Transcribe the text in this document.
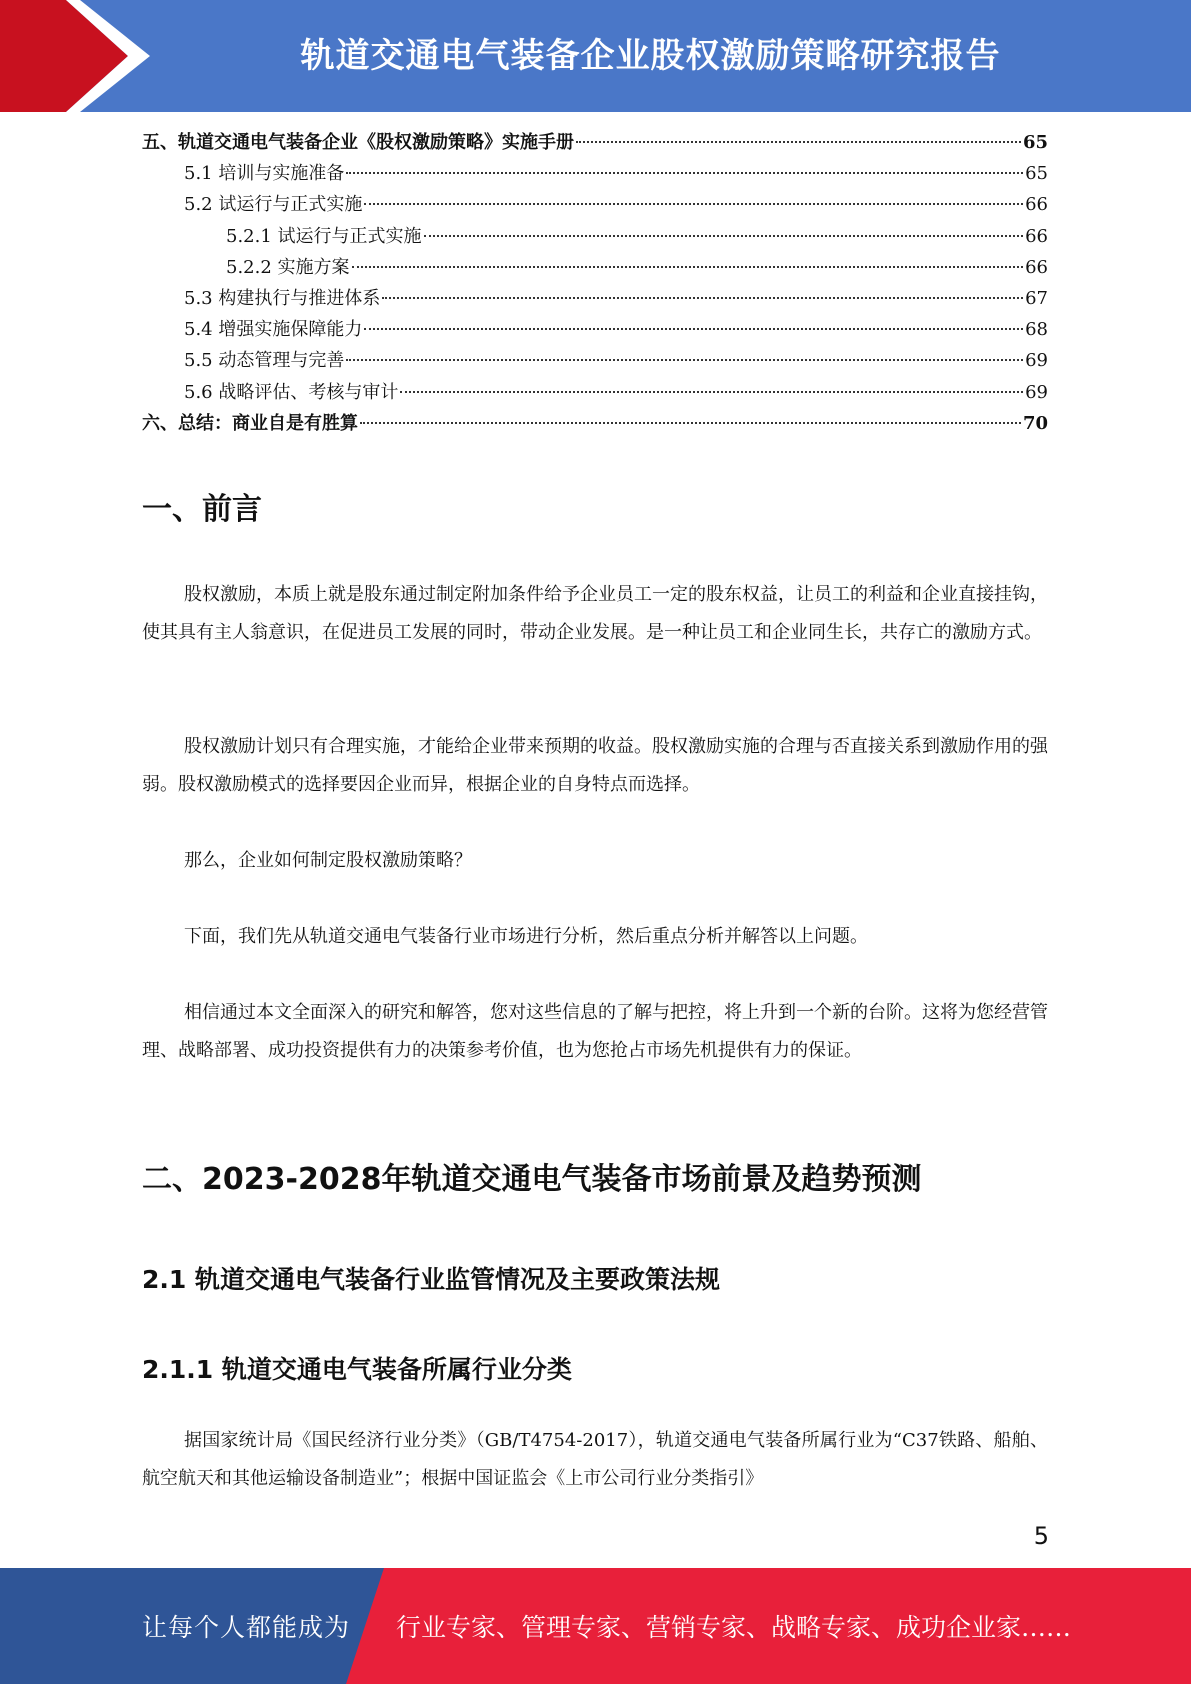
轨道交通电气装备企业股权激励策略研究报告
五、轨道交通电气装备企业《股权激励策略》实施手册	65
5.1 培训与实施准备	65
5.2 试运行与正式实施	66
5.2.1 试运行与正式实施	66
5.2.2 实施方案	66
5.3 构建执行与推进体系	67
5.4 增强实施保障能力	68
5.5 动态管理与完善	69
5.6 战略评估、考核与审计	69
六、总结：商业自是有胜算	70
一、前言

股权激励，本质上就是股东通过制定附加条件给予企业员工一定的股东权益，让员工的利益和企业直接挂钩，使其具有主人翁意识，在促进员工发展的同时，带动企业发展。是一种让员工和企业同生长，共存亡的激励方式。

股权激励计划只有合理实施，才能给企业带来预期的收益。股权激励实施的合理与否直接关系到激励作用的强弱。股权激励模式的选择要因企业而异，根据企业的自身特点而选择。

那么，企业如何制定股权激励策略？

下面，我们先从轨道交通电气装备行业市场进行分析，然后重点分析并解答以上问题。

相信通过本文全面深入的研究和解答，您对这些信息的了解与把控，将上升到一个新的台阶。这将为您经营管理、战略部署、成功投资提供有力的决策参考价值，也为您抢占市场先机提供有力的保证。

二、2023-2028年轨道交通电气装备市场前景及趋势预测
2.1 轨道交通电气装备行业监管情况及主要政策法规
2.1.1 轨道交通电气装备所属行业分类

据国家统计局《国民经济行业分类》（GB/T4754-2017），轨道交通电气装备所属行业为“C37铁路、船舶、航空航天和其他运输设备制造业”；根据中国证监会《上市公司行业分类指引》

5
让每个人都能成为 行业专家、管理专家、营销专家、战略专家、成功企业家……
